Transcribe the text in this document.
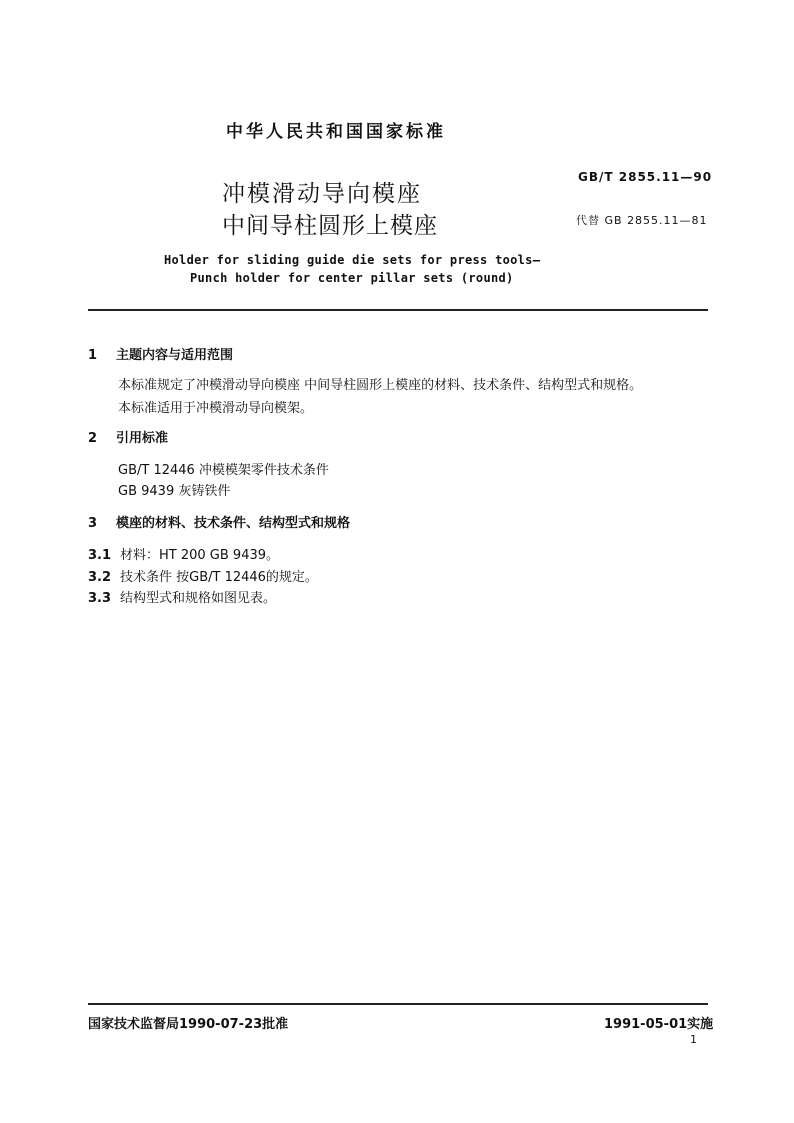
中华人民共和国国家标准
冲模滑动导向模座
中间导柱圆形上模座
GB/T 2855.11—90
代替 GB 2855.11—81
Holder for sliding guide die sets for press tools—
Punch holder for center pillar sets (round)
1 主题内容与适用范围
本标准规定了冲模滑动导向模座 中间导柱圆形上模座的材料、技术条件、结构型式和规格。
本标准适用于冲模滑动导向模架。
2 引用标准
GB/T 12446 冲模模架零件技术条件
GB 9439 灰铸铁件
3 模座的材料、技术条件、结构型式和规格
3.1 材料：HT 200 GB 9439。
3.2 技术条件 按GB/T 12446的规定。
3.3 结构型式和规格如图见表。
国家技术监督局1990-07-23批准	1991-05-01实施
1
